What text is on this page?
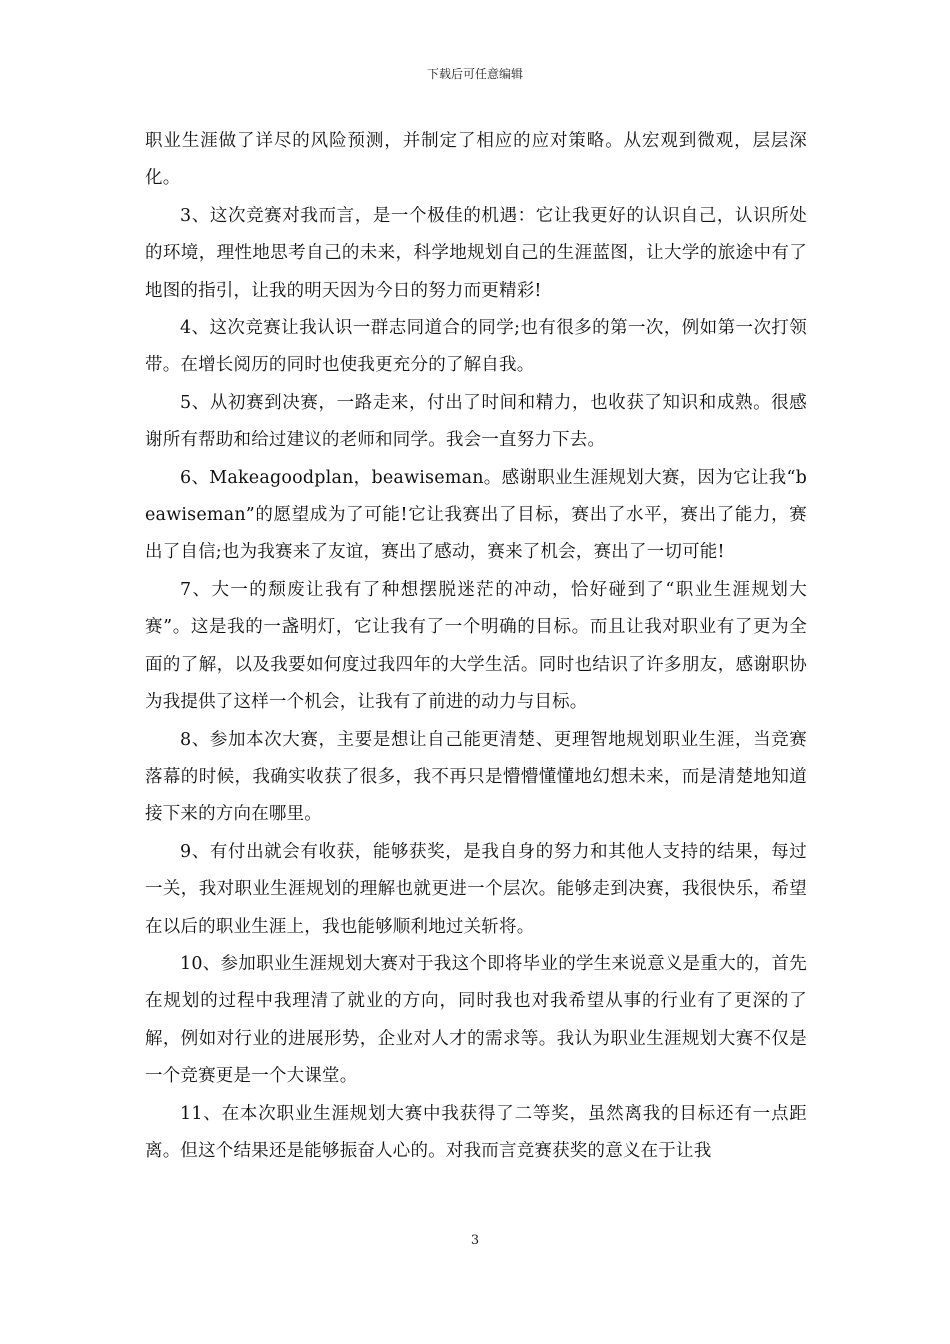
下载后可任意编辑

职业生涯做了详尽的风险预测，并制定了相应的应对策略。从宏观到微观，层层深化。

3、这次竞赛对我而言，是一个极佳的机遇：它让我更好的认识自己，认识所处的环境，理性地思考自己的未来，科学地规划自己的生涯蓝图，让大学的旅途中有了地图的指引，让我的明天因为今日的努力而更精彩!

4、这次竞赛让我认识一群志同道合的同学;也有很多的第一次，例如第一次打领带。在增长阅历的同时也使我更充分的了解自我。

5、从初赛到决赛，一路走来，付出了时间和精力，也收获了知识和成熟。很感谢所有帮助和给过建议的老师和同学。我会一直努力下去。

6、Makeagoodplan，beawiseman。感谢职业生涯规划大赛，因为它让我“beawiseman”的愿望成为了可能!它让我赛出了目标，赛出了水平，赛出了能力，赛出了自信;也为我赛来了友谊，赛出了感动，赛来了机会，赛出了一切可能!

7、大一的颓废让我有了种想摆脱迷茫的冲动，恰好碰到了“职业生涯规划大赛”。这是我的一盏明灯，它让我有了一个明确的目标。而且让我对职业有了更为全面的了解，以及我要如何度过我四年的大学生活。同时也结识了许多朋友，感谢职协为我提供了这样一个机会，让我有了前进的动力与目标。

8、参加本次大赛，主要是想让自己能更清楚、更理智地规划职业生涯，当竞赛落幕的时候，我确实收获了很多，我不再只是懵懵懂懂地幻想未来，而是清楚地知道接下来的方向在哪里。

9、有付出就会有收获，能够获奖，是我自身的努力和其他人支持的结果，每过一关，我对职业生涯规划的理解也就更进一个层次。能够走到决赛，我很快乐，希望在以后的职业生涯上，我也能够顺利地过关斩将。

10、参加职业生涯规划大赛对于我这个即将毕业的学生来说意义是重大的，首先在规划的过程中我理清了就业的方向，同时我也对我希望从事的行业有了更深的了解，例如对行业的进展形势，企业对人才的需求等。我认为职业生涯规划大赛不仅是一个竞赛更是一个大课堂。

11、在本次职业生涯规划大赛中我获得了二等奖，虽然离我的目标还有一点距离。但这个结果还是能够振奋人心的。对我而言竞赛获奖的意义在于让我

3
